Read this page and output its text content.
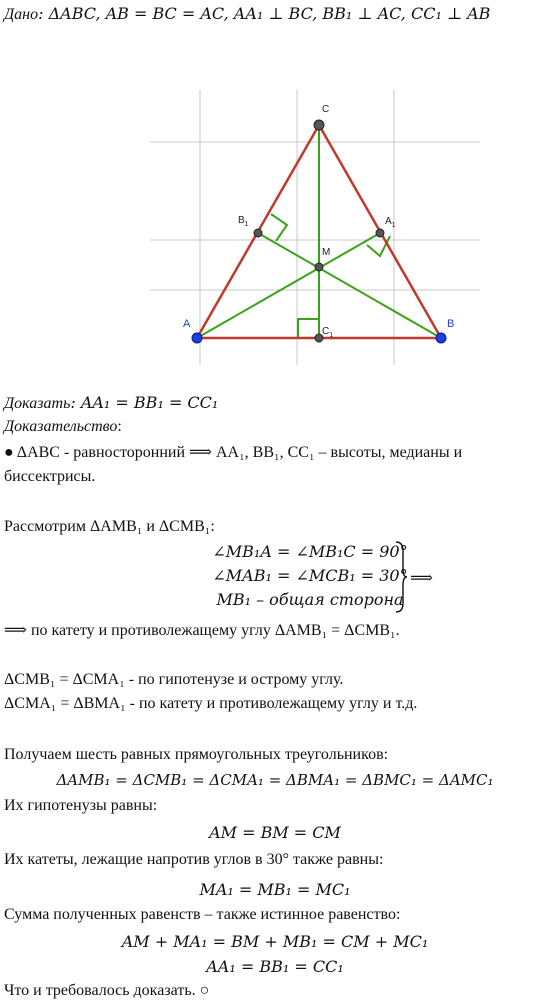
Дано: ΔABC, AB = BC = AC, AA₁ ⊥ BC, BB₁ ⊥ AC, CC₁ ⊥ AB
C
M
$A_1$
$B_1$
$C_1$
A	B
Доказать: AA₁ = BB₁ = CC₁
Доказательство:
● ΔABC - равносторонний ⟹ AA₁, BB₁, CC₁ – высоты, медианы и
биссектрисы.
Рассмотрим ΔAMB₁ и ΔCMB₁:
∠MB₁A = ∠MB₁C = 90°
∠MAB₁ = ∠MCB₁ = 30°
MB₁ – общая сторона
⟹
⟹ по катету и противолежащему углу ΔAMB₁ = ΔCMB₁.
ΔCMB₁ = ΔCMA₁ - по гипотенузе и острому углу.
ΔCMA₁ = ΔBMA₁ - по катету и противолежащему углу и т.д.
Получаем шесть равных прямоугольных треугольников:
ΔAMB₁ = ΔCMB₁ = ΔCMA₁ = ΔBMA₁ = ΔBMC₁ = ΔAMC₁
Их гипотенузы равны:
AM = BM = CM
Их катеты, лежащие напротив углов в 30° также равны:
MA₁ = MB₁ = MC₁
Сумма полученных равенств – также истинное равенство:
AM + MA₁ = BM + MB₁ = CM + MC₁
AA₁ = BB₁ = CC₁
Что и требовалось доказать. ○
